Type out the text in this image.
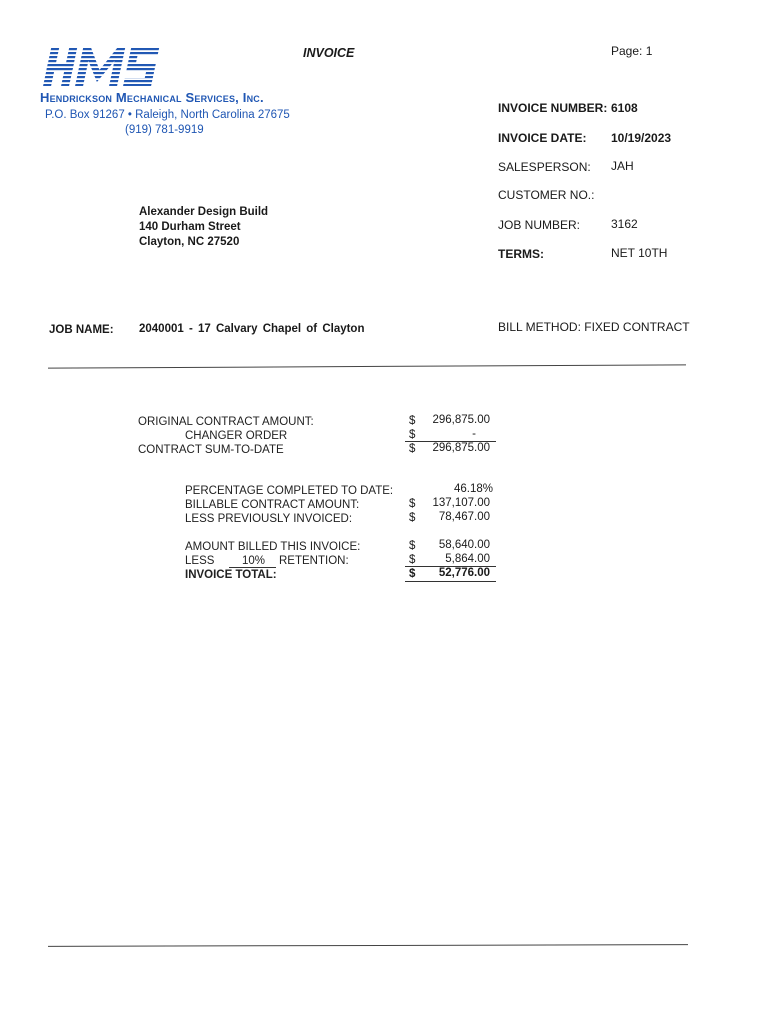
Hendrickson Mechanical Services, Inc.
P.O. Box 91267 • Raleigh, North Carolina 27675
(919) 781-9919
INVOICE	Page: 1
INVOICE NUMBER: 6108
INVOICE DATE: 10/19/2023
SALESPERSON: JAH
CUSTOMER NO.:
JOB NUMBER:	3162
TERMS:	NET 10TH
Alexander Design Build
140 Durham Street
Clayton, NC 27520
JOB NAME: 2040001 - 17 Calvary Chapel of Clayton	BILL METHOD: FIXED CONTRACT
ORIGINAL CONTRACT AMOUNT:	$	296,875.00
CHANGER ORDER	$	-
CONTRACT SUM-TO-DATE	$	296,875.00
PERCENTAGE COMPLETED TO DATE:	46.18%
BILLABLE CONTRACT AMOUNT:	$	137,107.00
LESS PREVIOUSLY INVOICED:	$	78,467.00
AMOUNT BILLED THIS INVOICE:	$	58,640.00
LESS 10% RETENTION:	$	5,864.00
INVOICE TOTAL:	$	52,776.00
